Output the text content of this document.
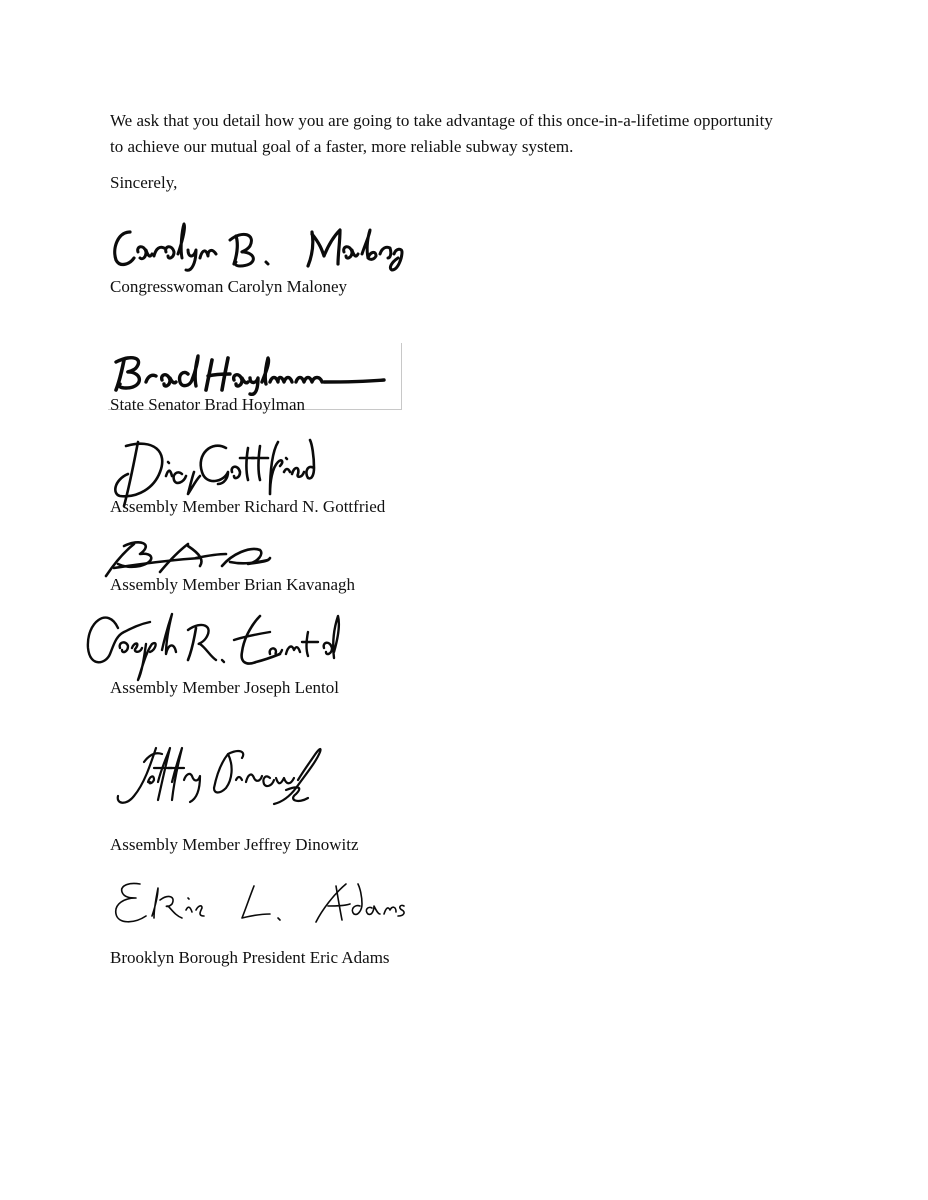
We ask that you detail how you are going to take advantage of this once-in-a-lifetime opportunity to achieve our mutual goal of a faster, more reliable subway system.

Sincerely,
Congresswoman Carolyn Maloney
State Senator Brad Hoylman
Assembly Member Richard N. Gottfried
Assembly Member Brian Kavanagh
Assembly Member Joseph Lentol
Assembly Member Jeffrey Dinowitz
Brooklyn Borough President Eric Adams
